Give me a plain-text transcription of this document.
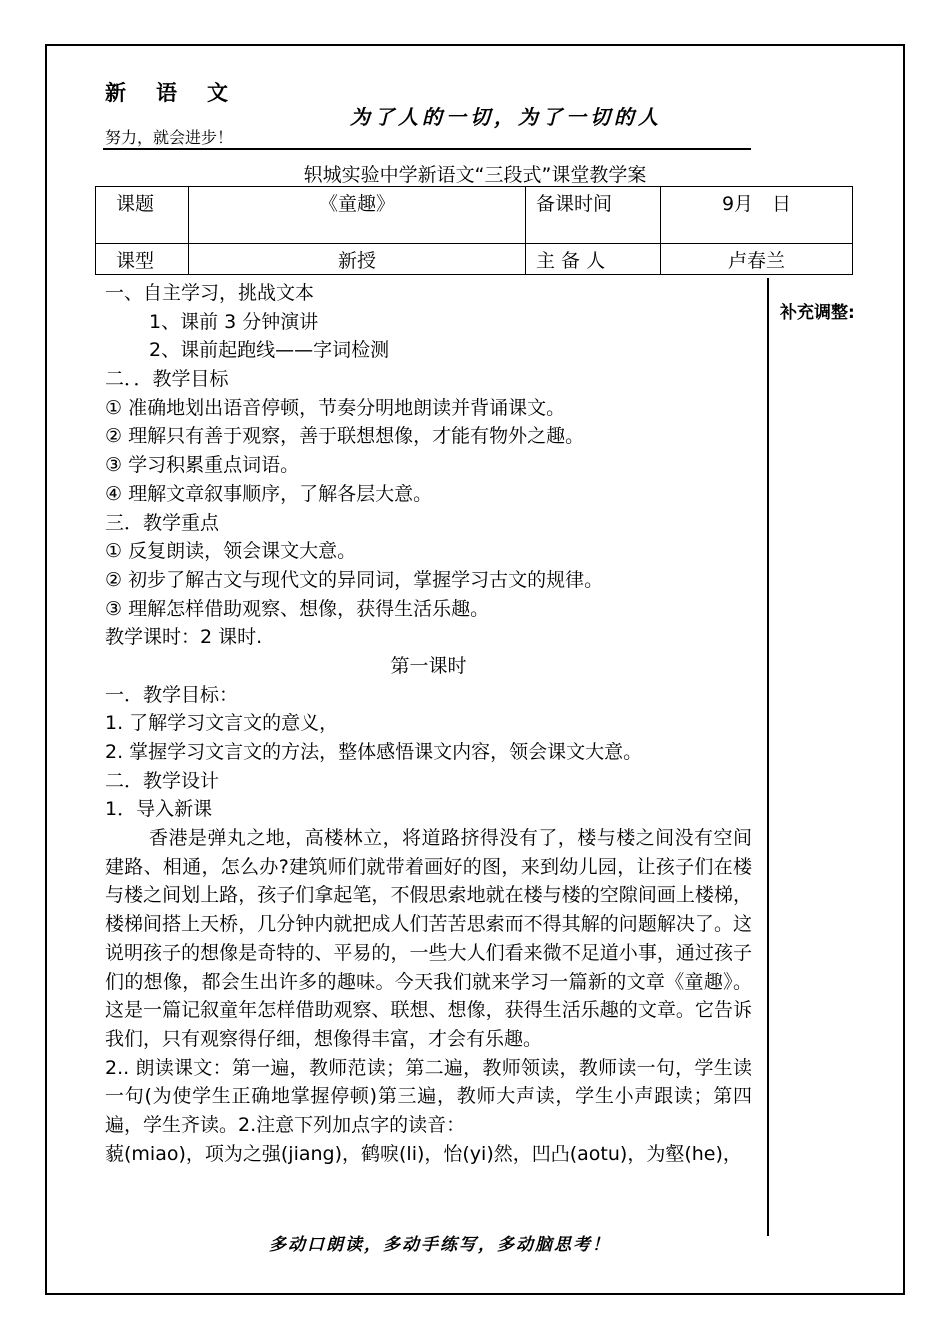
新语文
为了人的一切，为了一切的人
努力，就会进步！
轵城实验中学新语文“三段式”课堂教学案
课题	《童趣》	备课时间	9月　日
课型	新授	主 备 人	卢春兰
补充调整:
一、自主学习，挑战文本
1、课前 3 分钟演讲
2、课前起跑线——字词检测
二．．教学目标
① 准确地划出语音停顿，节奏分明地朗读并背诵课文。
② 理解只有善于观察，善于联想想像，才能有物外之趣。
③ 学习积累重点词语。
④ 理解文章叙事顺序，了解各层大意。
三．教学重点
① 反复朗读，领会课文大意。
② 初步了解古文与现代文的异同词，掌握学习古文的规律。
③ 理解怎样借助观察、想像，获得生活乐趣。
教学课时：2 课时.
第一课时
一．教学目标：
1. 了解学习文言文的意义，
2. 掌握学习文言文的方法，整体感悟课文内容，领会课文大意。
二．教学设计
1．导入新课
香港是弹丸之地，高楼林立，将道路挤得没有了，楼与楼之间没有空间建路、相通，怎么办?建筑师们就带着画好的图，来到幼儿园，让孩子们在楼与楼之间划上路，孩子们拿起笔，不假思索地就在楼与楼的空隙间画上楼梯，楼梯间搭上天桥，几分钟内就把成人们苦苦思索而不得其解的问题解决了。这说明孩子的想像是奇特的、平易的，一些大人们看来微不足道小事，通过孩子们的想像，都会生出许多的趣味。今天我们就来学习一篇新的文章《童趣》。这是一篇记叙童年怎样借助观察、联想、想像，获得生活乐趣的文章。它告诉我们，只有观察得仔细，想像得丰富，才会有乐趣。
2.. 朗读课文：第一遍，教师范读；第二遍，教师领读，教师读一句，学生读一句(为使学生正确地掌握停顿)第三遍，教师大声读，学生小声跟读；第四遍，学生齐读。2.注意下列加点字的读音：
藐(miao)，项为之强(jiang)，鹤唳(li)，怡(yi)然，凹凸(aotu)，为壑(he)，
多动口朗读，多动手练写，多动脑思考！
